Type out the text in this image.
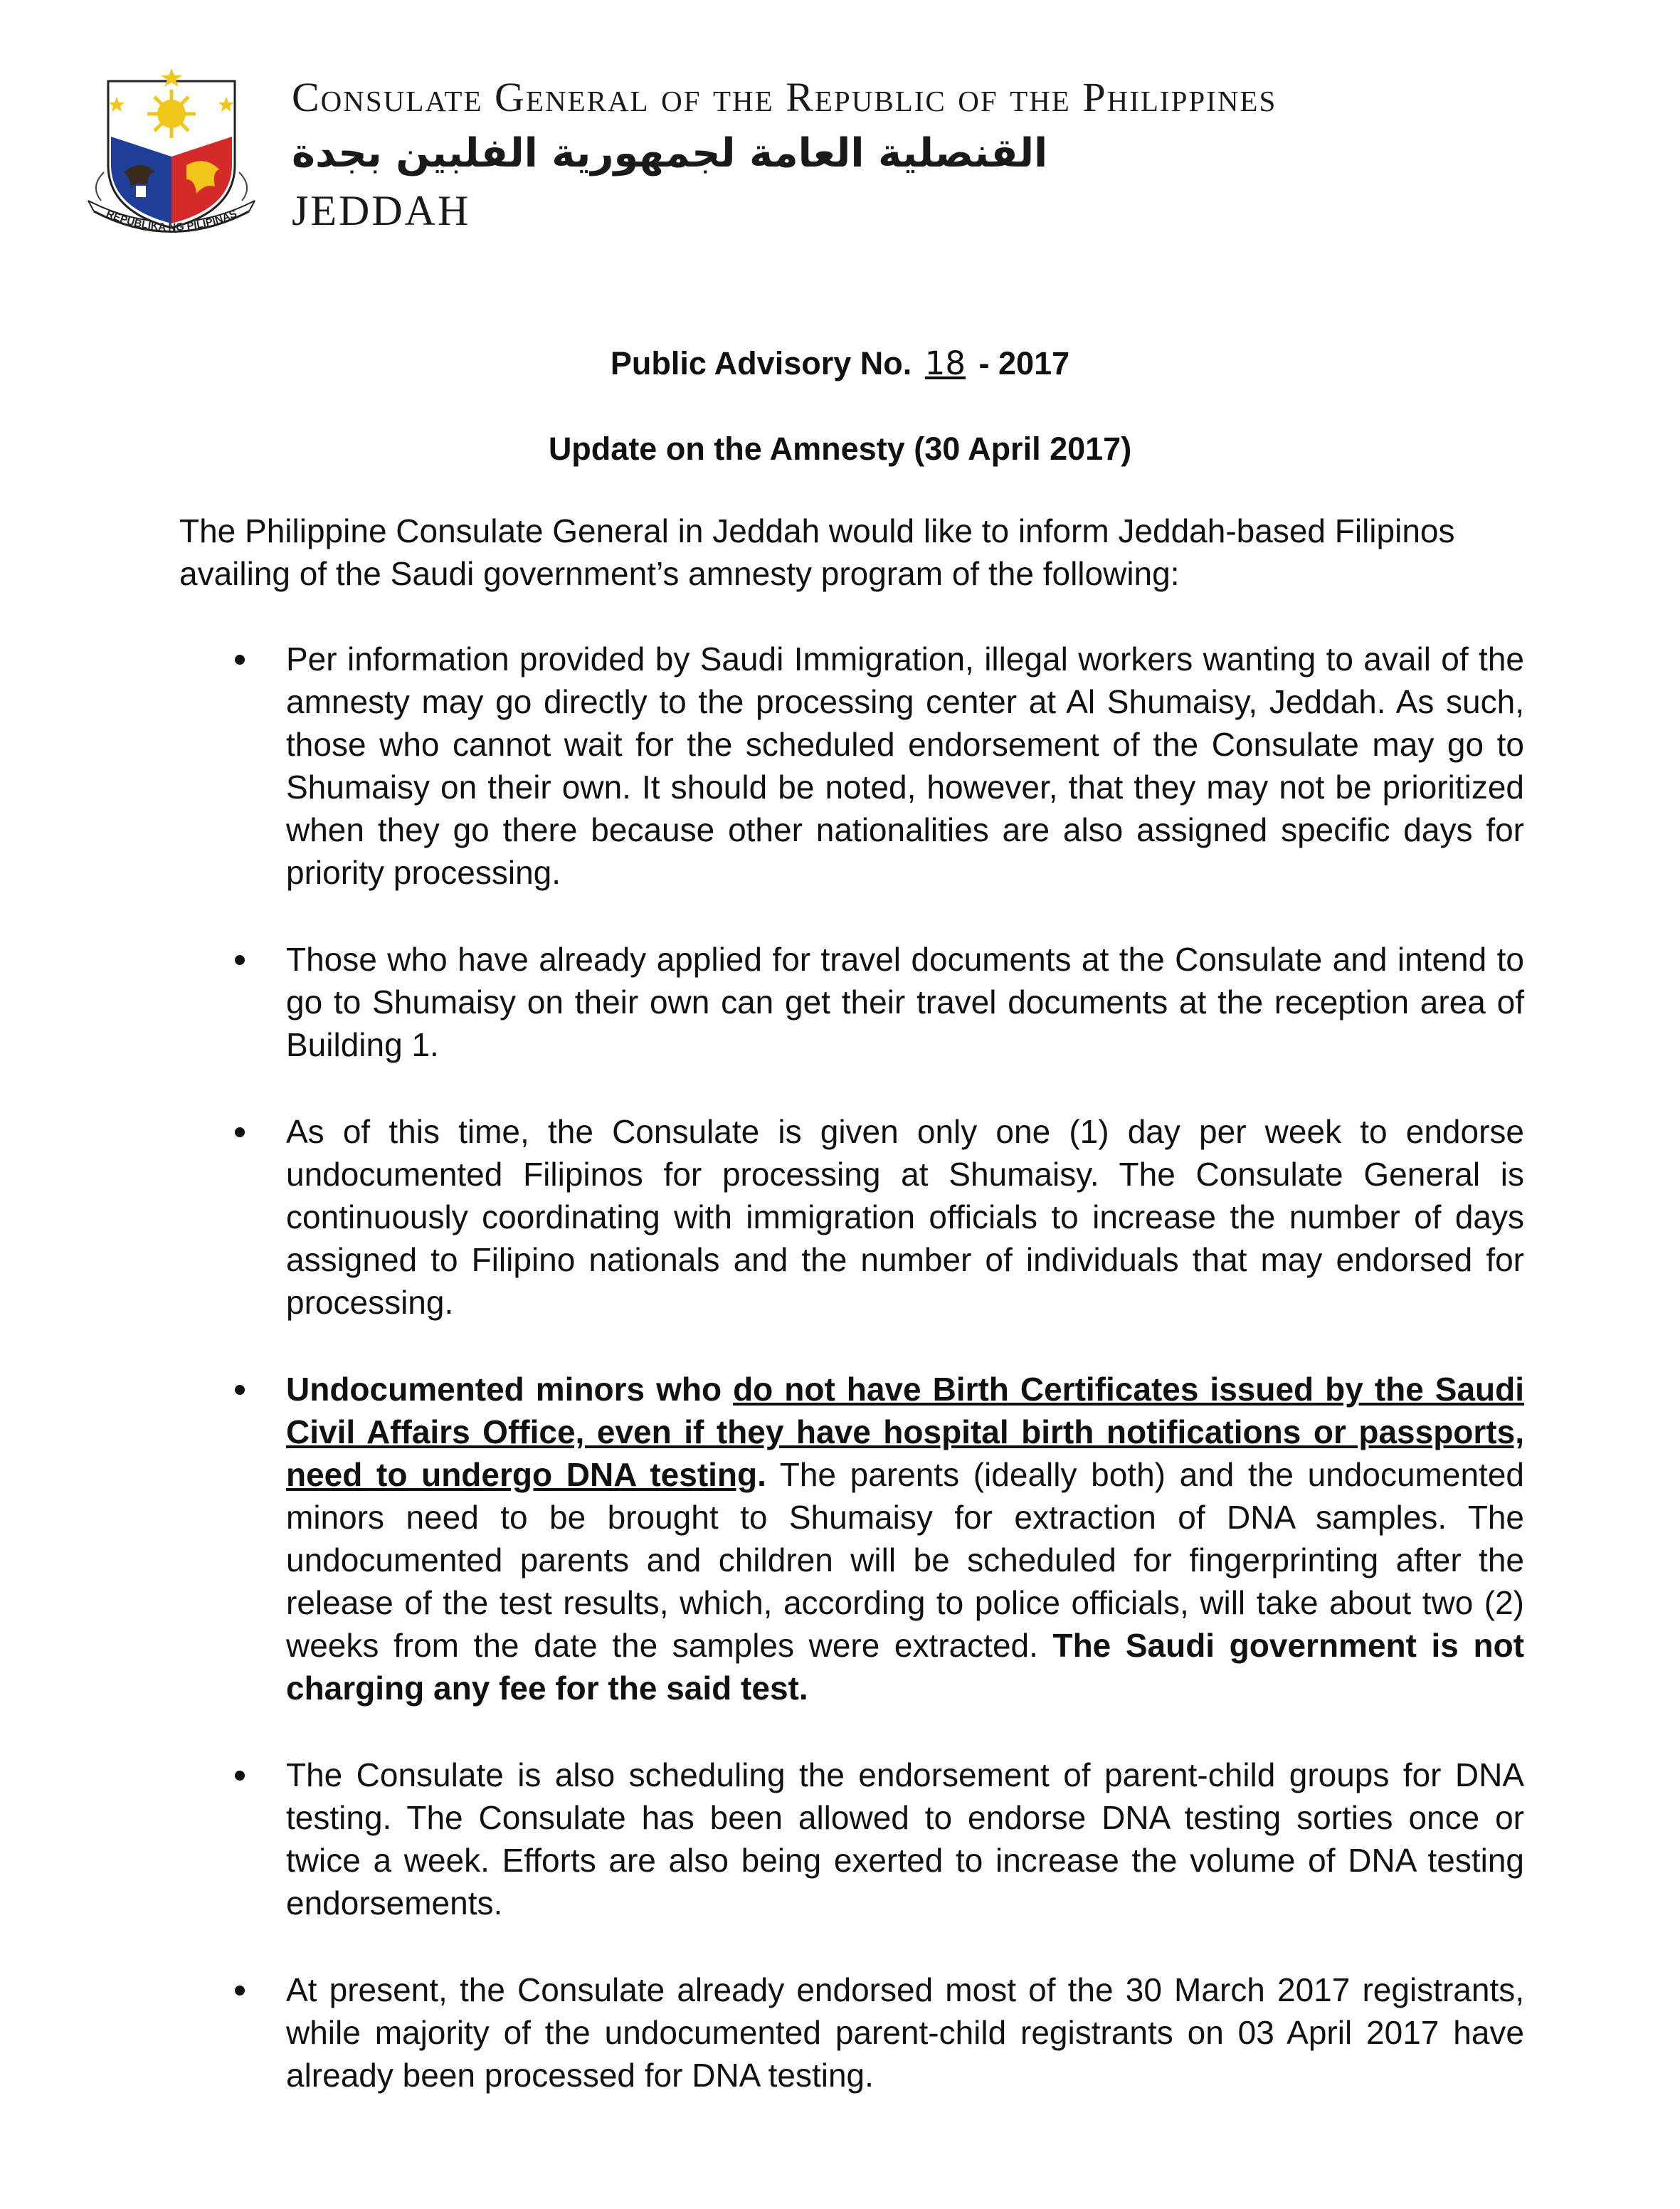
REPUBLIKA NG PILIPINAS
Consulate General of the Republic of the Philippines
القنصلية العامة لجمهورية الفلبين بجدة
JEDDAH
Public Advisory No. 18 - 2017
Update on the Amnesty (30 April 2017)
The Philippine Consulate General in Jeddah would like to inform Jeddah-based Filipinos availing of the Saudi government’s amnesty program of the following:
Per information provided by Saudi Immigration, illegal workers wanting to avail of the amnesty may go directly to the processing center at Al Shumaisy, Jeddah. As such, those who cannot wait for the scheduled endorsement of the Consulate may go to Shumaisy on their own. It should be noted, however, that they may not be prioritized when they go there because other nationalities are also assigned specific days for priority processing.
Those who have already applied for travel documents at the Consulate and intend to go to Shumaisy on their own can get their travel documents at the reception area of Building 1.
As of this time, the Consulate is given only one (1) day per week to endorse undocumented Filipinos for processing at Shumaisy. The Consulate General is continuously coordinating with immigration officials to increase the number of days assigned to Filipino nationals and the number of individuals that may endorsed for processing.
Undocumented minors who do not have Birth Certificates issued by the Saudi Civil Affairs Office, even if they have hospital birth notifications or passports, need to undergo DNA testing. The parents (ideally both) and the undocumented minors need to be brought to Shumaisy for extraction of DNA samples. The undocumented parents and children will be scheduled for fingerprinting after the release of the test results, which, according to police officials, will take about two (2) weeks from the date the samples were extracted. The Saudi government is not charging any fee for the said test.
The Consulate is also scheduling the endorsement of parent-child groups for DNA testing. The Consulate has been allowed to endorse DNA testing sorties once or twice a week. Efforts are also being exerted to increase the volume of DNA testing endorsements.
At present, the Consulate already endorsed most of the 30 March 2017 registrants, while majority of the undocumented parent-child registrants on 03 April 2017 have already been processed for DNA testing.
